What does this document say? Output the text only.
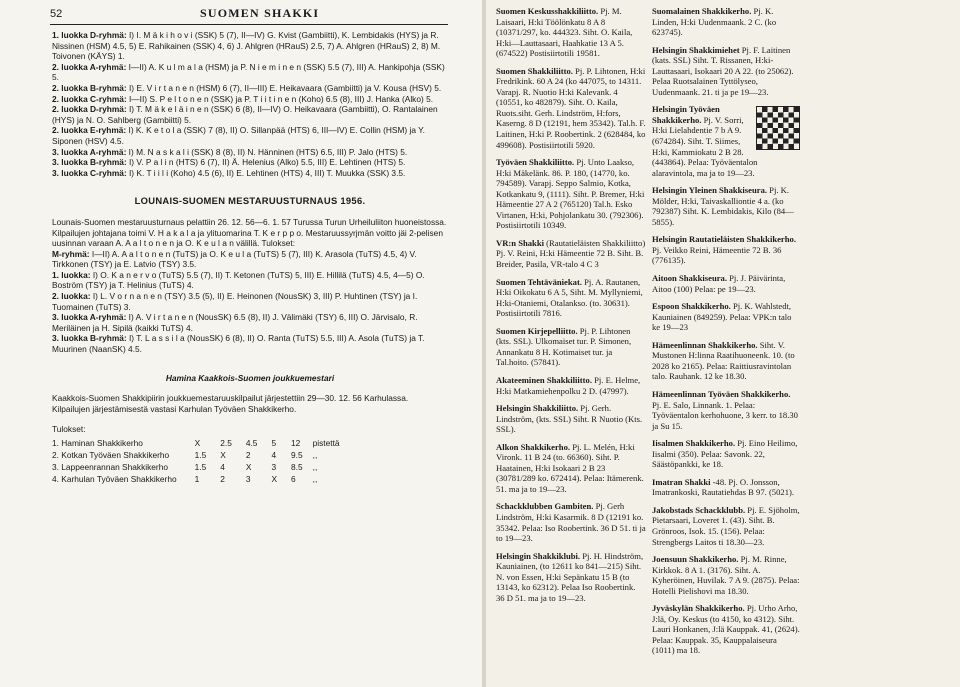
52	SUOMEN SHAKKI

1. luokka D-ryhmä: I) I. M ä k i h o v i (SSK) 5 (7), II—IV) G. Kvist (Gambiitti), K. Lembidakis (HYS) ja R. Nissinen (HSM) 4.5, 5) E. Rahikainen (SSK) 4, 6) J. Ahlgren (HRauS) 2.5, 7) A. Ahlgren (HRauS) 2, 8) M. Toivonen (KÄYS) 1.

2. luokka A-ryhmä: I—II) A. K u l m a l a (HSM) ja P. N i e m i n e n (SSK) 5.5 (7), III) A. Hankipohja (SSK) 5.

2. luokka B-ryhmä: I) E. V i r t a n e n (HSM) 6 (7), II—III) E. Heikavaara (Gambiitti) ja V. Kousa (HSV) 5.

2. luokka C-ryhmä: I—II) S. P e l t o n e n (SSK) ja P. T i i t i n e n (Koho) 6.5 (8), III) J. Hanka (Alko) 5.

2. luokka D-ryhmä: I) T. M ä k e l ä i n e n (SSK) 6 (8), II—IV) O. Heikavaara (Gambiitti), O. Rantalainen (HYS) ja N. O. Sahlberg (Gambiitti) 5.

2. luokka E-ryhmä: I) K. K e t o l a (SSK) 7 (8), II) O. Sillanpää (HTS) 6, III—IV) E. Collin (HSM) ja Y. Siponen (HSV) 4.5.

3. luokka A-ryhmä: I) M. N a s k a l i (SSK) 8 (8), II) N. Hänninen (HTS) 6.5, III) P. Jalo (HTS) 5.

3. luokka B-ryhmä: I) V. P a l i n (HTS) 6 (7), II) Ä. Helenius (Alko) 5.5, III) E. Lehtinen (HTS) 5.

3. luokka C-ryhmä: I) K. T i i l i (Koho) 4.5 (6), II) E. Lehtinen (HTS) 4, III) T. Muukka (SSK) 3.5.

LOUNAIS-SUOMEN MESTARUUSTURNAUS 1956.

Lounais-Suomen mestaruusturnaus pelattiin 26. 12. 56—6. 1. 57 Turussa Turun Urheiluliiton huoneistossa. Kilpailujen johtajana toimi V. H a k a l a ja ylituomarina T. K e r p p o. Mestaruussyrjmän voitto jäi 2-pelisen uusinnan varaan A. A a l t o n e n ja O. K e u l a n välillä. Tulokset:

M-ryhmä: I—II) A. A a l t o n e n (TuTS) ja O. K e u l a (TuTS) 5 (7), III) K. Arasola (TuTS) 4.5, 4) V. Tirkkonen (TSY) ja E. Latvio (TSY) 3.5.

1. luokka: I) O. K a n e r v o (TuTS) 5.5 (7), II) T. Ketonen (TuTS) 5, III) E. Hillilä (TuTS) 4.5, 4—5) O. Boström (TSY) ja T. Helinius (TuTS) 4.

2. luokka: I) L. V o r n a n e n (TSY) 3.5 (5), II) E. Heinonen (NousSK) 3, III) P. Huhtinen (TSY) ja I. Tuomainen (TuTS) 3.

3. luokka A-ryhmä: I) A. V i r t a n e n (NousSK) 6.5 (8), II) J. Välimäki (TSY) 6, III) O. Järvisalo, R. Meriläinen ja H. Sipilä (kaikki TuTS) 4.

3. luokka B-ryhmä: I) T. L a s s i l a (NousSK) 6 (8), II) O. Ranta (TuTS) 5.5, III) A. Asola (TuTS) ja T. Muurinen (NaanSK) 4.5.

Hamina Kaakkois-Suomen joukkuemestari

Kaakkois-Suomen Shakkipiirin joukkuemestaruuskilpailut järjestettiin 29—30. 12. 56 Karhulassa. Kilpailujen järjestämisestä vastasi Karhulan Työväen Shakkikerho.

Tulokset:

1. Haminan Shakkikerho	X	2.5	4.5	5	12	pistettä
2. Kotkan Työväen Shakkikerho	1.5	X	2	4	9.5	,,
3. Lappeenrannan Shakkikerho	1.5	4	X	3	8.5	,,
4. Karhulan Työväen Shakkikerho	1	2	3	X	6	,,

Suomen Keskusshakkiliitto. Pj. M. Laisaari, H:ki Töölönkatu 8 A 8 (10371/297, ko. 444323. Siht. O. Kaila, H:ki—Lauttasaari, Haahkatie 13 A 5. (674522) Postisiirtotili 19581.

Suomen Shakkiliitto. Pj. P. Lihtonen, H:ki Fredrikink. 60 A 24 (ko 447075, to 14311. Varapj. R. Nuotio H:ki Kalevank. 4 (10551, ko 482879). Siht. O. Kaila, Ruots.siht. Gerh. Lindström, H:fors, Kaserng. 8 D (12191, hem 35342). Tal.h. F. Laitinen, H:ki P. Roobertink. 2 (628484, ko 499608). Postisiirtotili 5920.

Työväen Shakkiliitto. Pj. Unto Laakso, H:ki Mäkelänk. 86. P. 180, (14770, ko. 794589). Varapj. Seppo Salmio, Kotka, Kotkankatu 9, (1111). Siht. P. Bremer, H:ki Hämeentie 27 A 2 (765120) Tal.h. Esko Virtanen, H:ki, Pohjolankatu 30. (792306). Postisiirtotili 10349.

VR:n Shakki (Rautatieläisten Shakkiliitto) Pj. V. Reini, H:ki Hämeentie 72 B. Siht. B. Breider, Pasila, VR-talo 4 C 3

Suomen Tehtäväniekat. Pj. A. Rautanen, H:ki Oikokatu 6 A 5, Siht. M. Myllyniemi, H:ki-Otaniemi, Otalankso. (to. 30631). Postisiirtotili 7816.

Suomen Kirjepelliitto. Pj. P. Lihtonen (kts. SSL). Ulkomaiset tur. P. Simonen, Annankatu 8 H. Kotimaiset tur. ja Tal.hoito. (57841).

Akateeminen Shakkiliitto. Pj. E. Helme, H:ki Matkamiehenpolku 2 D. (47997).

Helsingin Shakkiliitto. Pj. Gerh. Lindström, (kts. SSL) Siht. R Nuotio (Kts. SSL).

Alkon Shakkikerho. Pj. L. Melén, H:ki Vironk. 11 B 24 (to. 66360). Siht. P. Haatainen, H:ki Isokaari 2 B 23 (30781/289 ko. 672414). Pelaa: Itämerenk. 51. ma ja to 19—23.

Schackklubben Gambiten. Pj. Gerh Lindström, H:ki Kasarmik. 8 D (12191 ko. 35342. Pelaa: Iso Roobertink. 36 D 51. ti ja to 19—23.

Helsingin Shakkiklubi. Pj. H. Hindström, Kauniainen, (to 12611 ko 841—215) Siht. N. von Essen, H:ki Sepänkatu 15 B (to 13143, ko 62312). Pelaa Iso Roobertink. 36 D 51. ma ja to 19—23.

Suomalainen Shakkikerho. Pj. K. Linden, H:ki Uudenmaank. 2 C. (ko 623745).

Helsingin Shakkimiehet Pj. F. Laitinen (kats. SSL) Siht. T. Rissanen, H:ki-Lauttasaari, Isokaari 20 A 22. (to 25062). Pelaa Ruotsalainen Tyttölyseo, Uudenmaank. 21. ti ja pe 19—23.

Helsingin Työväen Shakkikerho. Pj. V. Sorri, H:ki Lielahdentie 7 b A 9. (674284). Siht. T. Siimes, H:ki, Kammiokatu 2 B 28. (443864). Pelaa: Työväentalon alaravintola, ma ja to 19—23.

Helsingin Yleinen Shakkiseura. Pj. K. Mölder, H:ki, Taivaskalliontie 4 a. (ko 792387) Siht. K. Lembidakis, Kilo (84—5855).

Helsingin Rautatieläisten Shakkikerho. Pj. Veikko Reini, Hämeentie 72 B. 36 (776135).

Aitoon Shakkiseura. Pj. J. Päivärinta, Aitoo (100) Pelaa: pe 19—23.

Espoon Shakkikerho. Pj. K. Wahlstedt, Kauniainen (849259). Pelaa: VPK:n talo ke 19—23

Hämeenlinnan Shakkikerho. Siht. V. Mustonen H:linna Raatihuoneenk. 10. (to 2028 ko 2165). Pelaa: Raittiusravintolan talo. Rauhank. 12 ke 18.30.

Hämeenlinnan Työväen Shakkikerho. Pj. E. Salo, Linnank. 1. Pelaa: Työväentalon kerhohuone, 3 kerr. to 18.30 ja Su 15.

Iisalmen Shakkikerho. Pj. Eino Heilimo, Iisalmi (350). Pelaa: Savonk. 22, Säästöpankki, ke 18.

Imatran Shakki -48. Pj. O. Jonsson, Imatrankoski, Rautatiehdas B 97. (5021).

Jakobstads Schackklubb. Pj. E. Sjöholm, Pietarsaari, Loveret 1. (43). Siht. B. Grönroos, Isok. 15. (156). Pelaa: Strengbergs Laitos ti 18.30—23.

Joensuun Shakkikerho. Pj. M. Rinne, Kirkkok. 8 A 1. (3176). Siht. A. Kyheröinen, Huvilak. 7 A 9. (2875). Pelaa: Hotelli Pielishovi ma 18.30.

Jyväskylän Shakkikerho. Pj. Urho Arho, J:lä, Oy. Keskus (to 4150, ko 4312). Siht. Lauri Honkanen, J:lä Kauppak. 41, (2624). Pelaa: Kauppak. 35, Kauppalaiseura (1011) ma 18.
